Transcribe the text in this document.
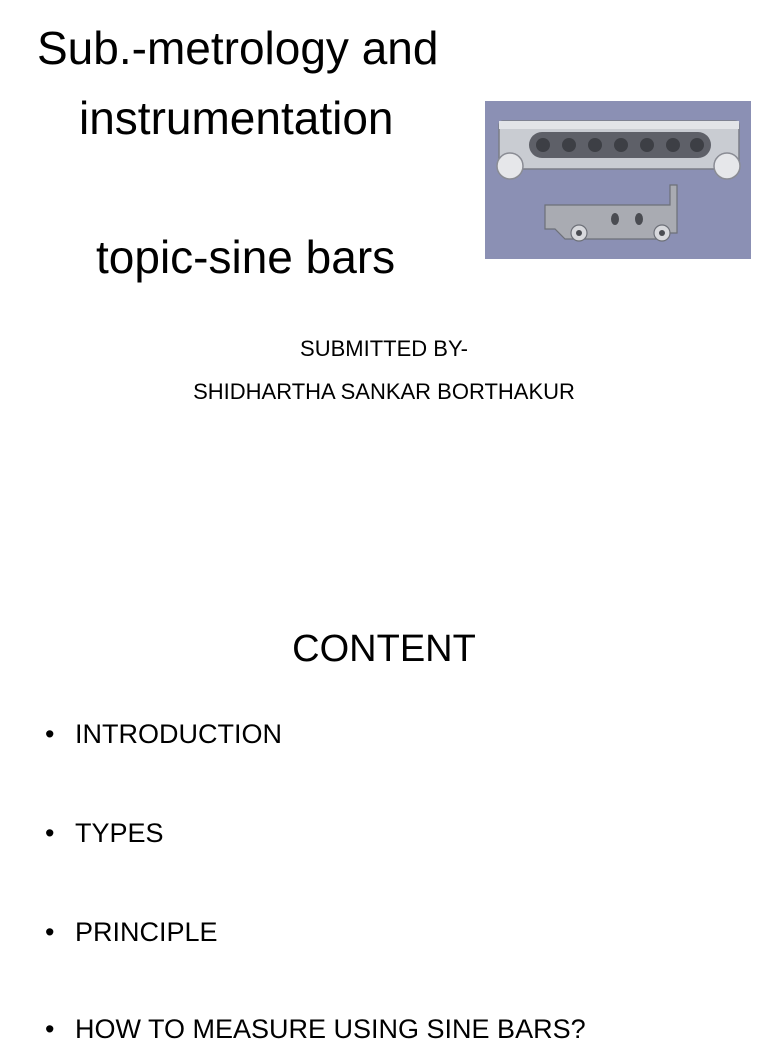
Sub.-metrology and
instrumentation
topic-sine bars
SUBMITTED BY-
SHIDHARTHA SANKAR BORTHAKUR
CONTENT
• INTRODUCTION
• TYPES
• PRINCIPLE
• HOW TO MEASURE USING SINE BARS?
